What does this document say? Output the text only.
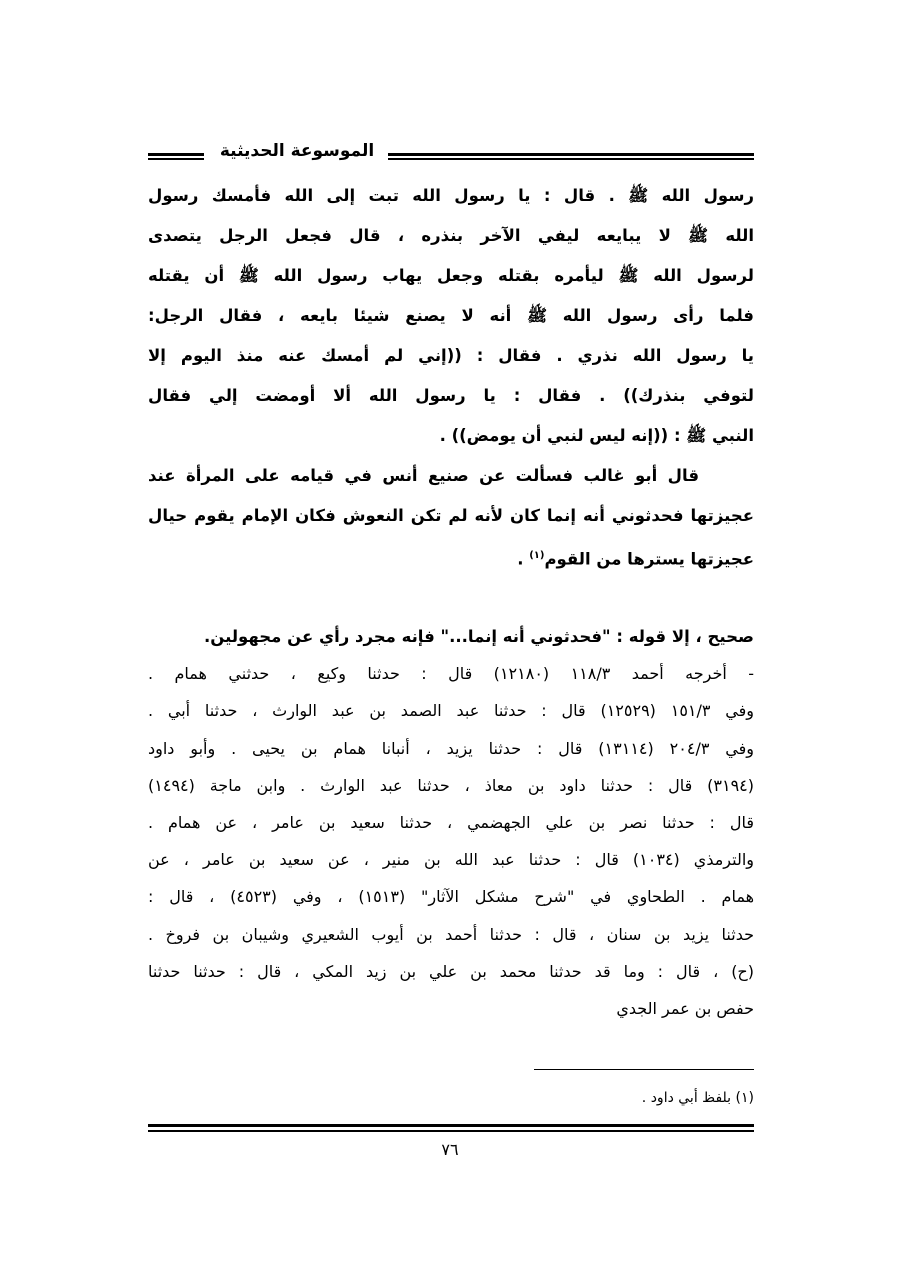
الموسوعة الحديثية
رسول الله ﷺ . قال : يا رسول الله تبت إلى الله فأمسك رسول
الله ﷺ لا يبايعه ليفي الآخر بنذره ، قال فجعل الرجل يتصدى
لرسول الله ﷺ ليأمره بقتله وجعل يهاب رسول الله ﷺ أن يقتله
فلما رأى رسول الله ﷺ أنه لا يصنع شيئا بايعه ، فقال الرجل:
يا رسول الله نذري . فقال : ((إني لم أمسك عنه منذ اليوم إلا
لتوفي بنذرك)) . فقال : يا رسول الله ألا أومضت إلي فقال
النبي ﷺ : ((إنه ليس لنبي أن يومض)) .
قال أبو غالب فسألت عن صنيع أنس في قيامه على المرأة عند
عجيزتها فحدثوني أنه إنما كان لأنه لم تكن النعوش فكان الإمام يقوم حيال
عجيزتها يسترها من القوم$^{(١)}$ .
صحيح ، إلا قوله : "فحدثوني أنه إنما..." فإنه مجرد رأي عن مجهولين.
- أخرجه أحمد ١١٨/٣ (١٢١٨٠) قال : حدثنا وكيع ، حدثني همام .
وفي ١٥١/٣ (١٢٥٢٩) قال : حدثنا عبد الصمد بن عبد الوارث ، حدثنا أبي .
وفي ٢٠٤/٣ (١٣١١٤) قال : حدثنا يزيد ، أنبانا همام بن يحيى . وأبو داود
(٣١٩٤) قال : حدثنا داود بن معاذ ، حدثنا عبد الوارث . وابن ماجة (١٤٩٤)
قال : حدثنا نصر بن علي الجهضمي ، حدثنا سعيد بن عامر ، عن همام .
والترمذي (١٠٣٤) قال : حدثنا عبد الله بن منير ، عن سعيد بن عامر ، عن
همام . الطحاوي في "شرح مشكل الآثار" (١٥١٣) ، وفي (٤٥٢٣) ، قال :
حدثنا يزيد بن سنان ، قال : حدثنا أحمد بن أيوب الشعيري وشيبان بن فروخ .
(ح) ، قال : وما قد حدثنا محمد بن علي بن زيد المكي ، قال : حدثنا حدثنا
حفص بن عمر الجدي
(١) بلفظ أبي داود .
٧٦
